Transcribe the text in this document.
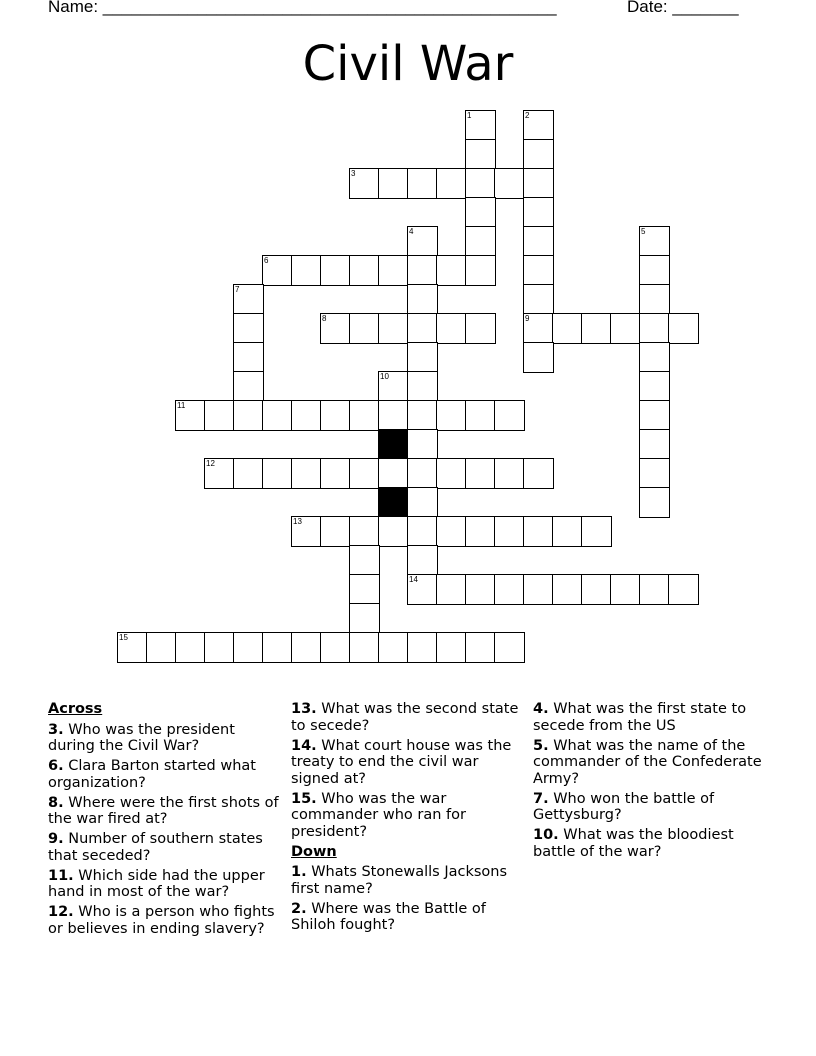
Name: ________________________________________________	Date: _______
Civil War
1	2
3
4	5
6
7
8	9
10
11
12
13
14
15
Across
3. Who was the president during the Civil War?
6. Clara Barton started what organization?
8. Where were the first shots of the war fired at?
9. Number of southern states that seceded?
11. Which side had the upper hand in most of the war?
12. Who is a person who fights or believes in ending slavery?
13. What was the second state to secede?
14. What court house was the treaty to end the civil war signed at?
15. Who was the war commander who ran for president?
Down
1. Whats Stonewalls Jacksons first name?
2. Where was the Battle of Shiloh fought?
4. What was the first state to secede from the US
5. What was the name of the commander of the Confederate Army?
7. Who won the battle of Gettysburg?
10. What was the bloodiest battle of the war?
